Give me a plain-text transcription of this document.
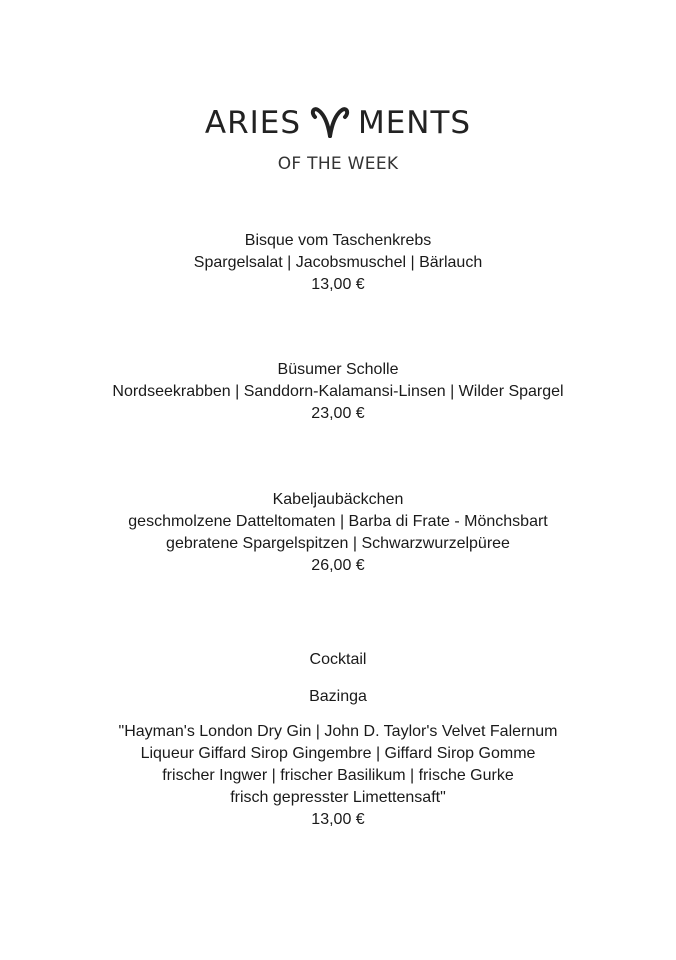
ARIES MENTS
OF THE WEEK
Bisque vom Taschenkrebs
Spargelsalat | Jacobsmuschel | Bärlauch
13,00 €
Büsumer Scholle
Nordseekrabben | Sanddorn-Kalamansi-Linsen | Wilder Spargel
23,00 €
Kabeljaubäckchen
geschmolzene Datteltomaten | Barba di Frate - Mönchsbart
gebratene Spargelspitzen | Schwarzwurzelpüree
26,00 €
Cocktail
Bazinga
"Hayman's London Dry Gin | John D. Taylor's Velvet Falernum
Liqueur Giffard Sirop Gingembre | Giffard Sirop Gomme
frischer Ingwer | frischer Basilikum | frische Gurke
frisch gepresster Limettensaft"
13,00 €
